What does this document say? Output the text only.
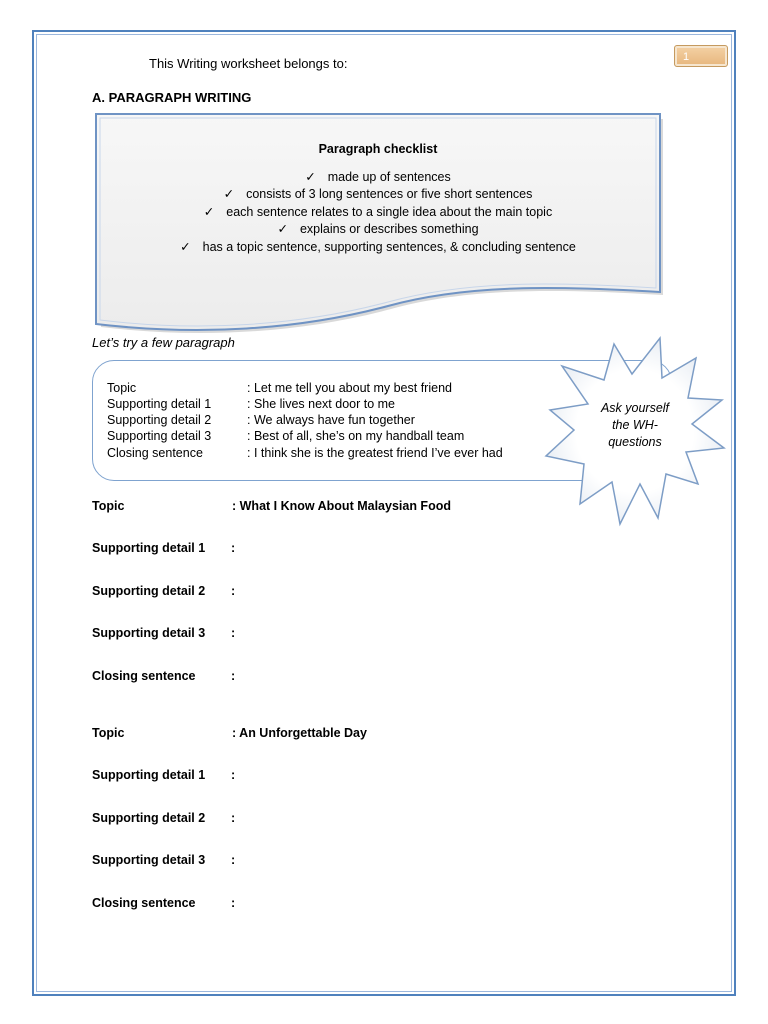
1
This Writing worksheet belongs to:
A. PARAGRAPH WRITING
Paragraph checklist
✓ made up of sentences
✓ consists of 3 long sentences or five short sentences
✓ each sentence relates to a single idea about the main topic
✓ explains or describes something
✓ has a topic sentence, supporting sentences, & concluding sentence
Let’s try a few paragraph
Topic	: Let me tell you about my best friend
Supporting detail 1	: She lives next door to me
Supporting detail 2	: We always have fun together
Supporting detail 3	: Best of all, she’s on my handball team
Closing sentence	: I think she is the greatest friend I’ve ever had
Ask yourself
the WH-
questions
Topic	: What I Know About Malaysian Food
Supporting detail 1 :
Supporting detail 2 :
Supporting detail 3 :
Closing sentence	:
Topic	: An Unforgettable Day
Supporting detail 1 :
Supporting detail 2 :
Supporting detail 3 :
Closing sentence	:
